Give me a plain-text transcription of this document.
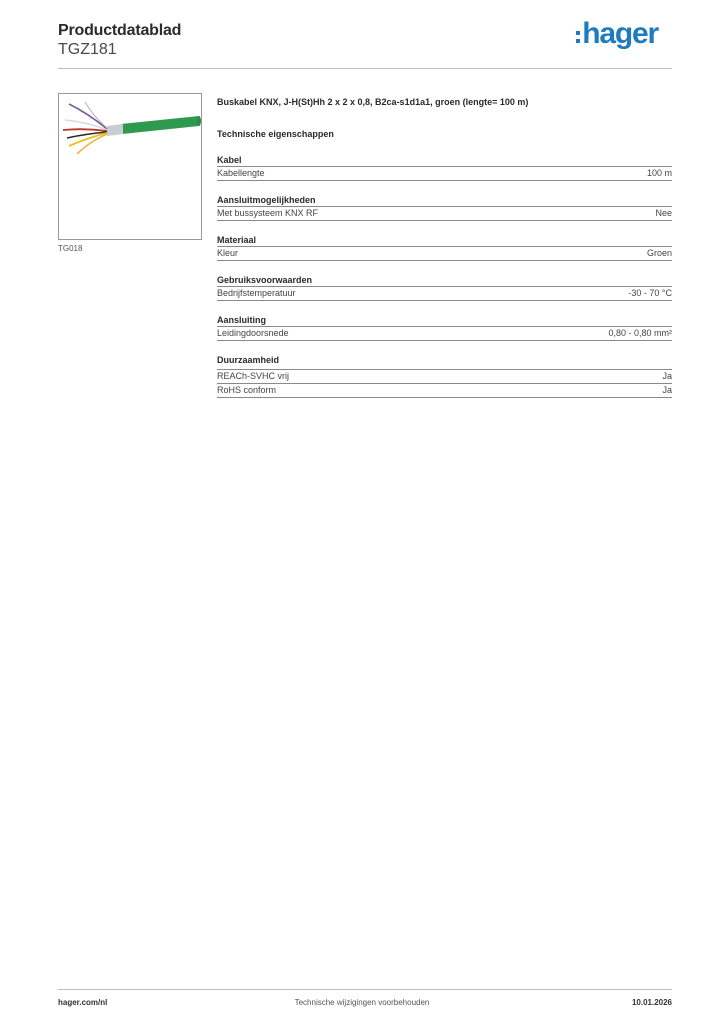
Productdatablad
TGZ181	hager
TG018
Buskabel KNX, J-H(St)Hh 2 x 2 x 0,8, B2ca-s1d1a1, groen (lengte= 100 m)
Technische eigenschappen
Kabel
Kabellengte	100 m
Aansluitmogelijkheden
Met bussysteem KNX RF	Nee
Materiaal
Kleur	Groen
Gebruiksvoorwaarden
Bedrijfstemperatuur	-30 - 70 °C
Aansluiting
Leidingdoorsnede	0,80 - 0,80 mm²
Duurzaamheid
REACh-SVHC vrij	Ja
RoHS conform	Ja
Technische wijzigingen voorbehouden
hager.com/nl	10.01.2026
